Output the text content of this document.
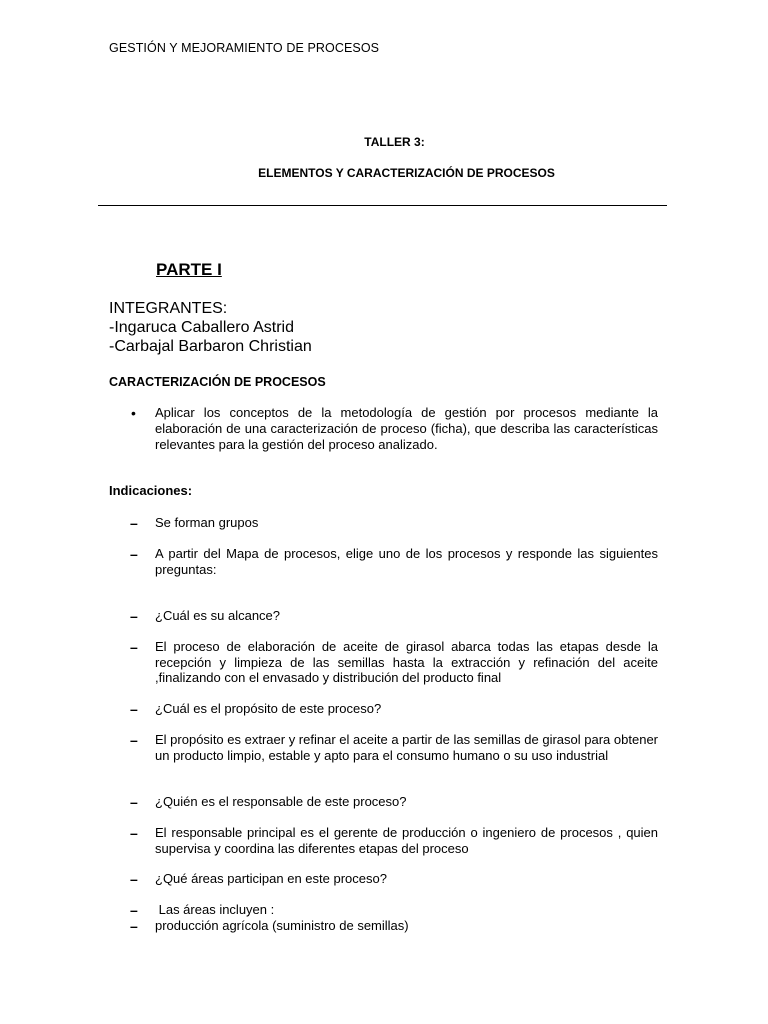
GESTIÓN Y MEJORAMIENTO DE PROCESOS
TALLER 3:
ELEMENTOS Y CARACTERIZACIÓN DE PROCESOS
PARTE I
INTEGRANTES:
-Ingaruca Caballero Astrid
-Carbajal Barbaron Christian
CARACTERIZACIÓN DE PROCESOS
• Aplicar los conceptos de la metodología de gestión por procesos mediante la elaboración de una caracterización de proceso (ficha), que describa las características relevantes para la gestión del proceso analizado.
Indicaciones:
– Se forman grupos
– A partir del Mapa de procesos, elige uno de los procesos y responde las siguientes preguntas:
– ¿Cuál es su alcance?
– El proceso de elaboración de aceite de girasol abarca todas las etapas desde la recepción y limpieza de las semillas hasta la extracción y refinación del aceite ,finalizando con el envasado y distribución del producto final
– ¿Cuál es el propósito de este proceso?
– El propósito es extraer y refinar el aceite a partir de las semillas de girasol para obtener un producto limpio, estable y apto para el consumo humano o su uso industrial
– ¿Quién es el responsable de este proceso?
– El responsable principal es el gerente de producción o ingeniero de procesos , quien supervisa y coordina las diferentes etapas del proceso
– ¿Qué áreas participan en este proceso?
– Las áreas incluyen :
– producción agrícola (suministro de semillas)
